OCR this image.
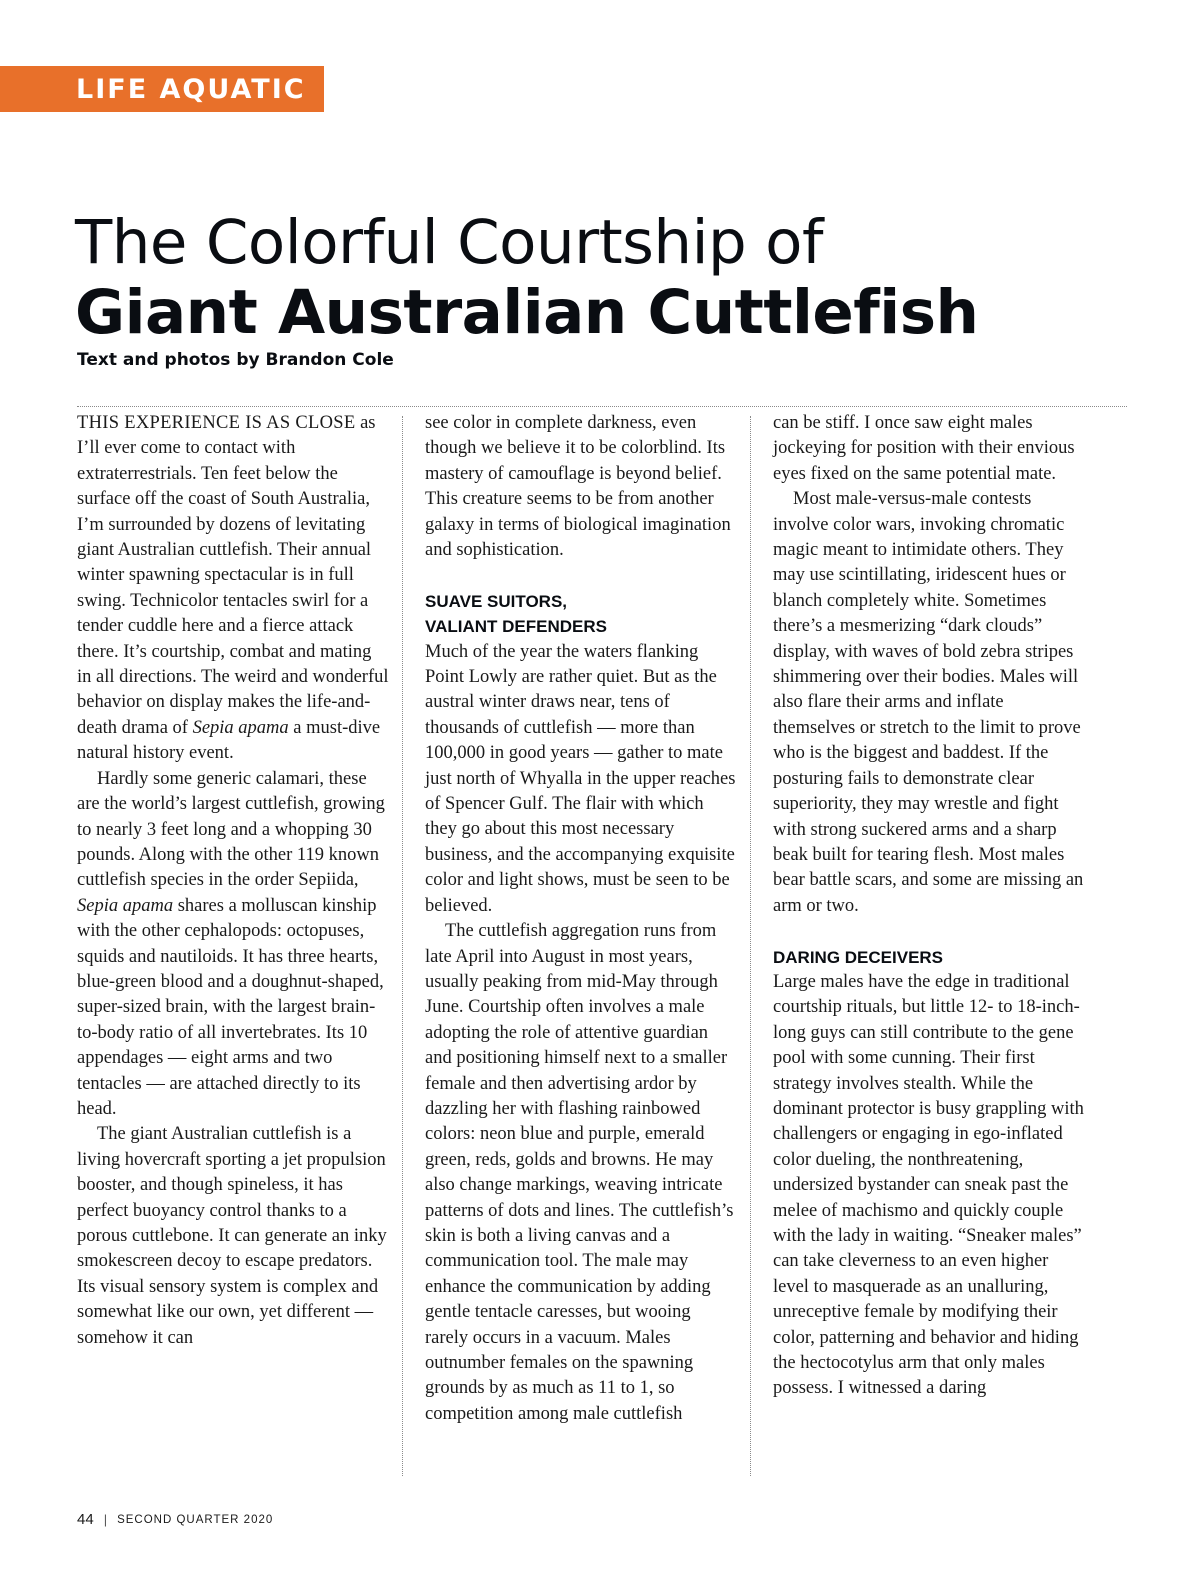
LIFE AQUATIC
The Colorful Courtship of
Giant Australian Cuttlefish
Text and photos by Brandon Cole

THIS EXPERIENCE IS AS CLOSE as I’ll ever come to contact with extraterrestrials. Ten feet below the surface off the coast of South Australia, I’m surrounded by dozens of levitating giant Australian cuttlefish. Their annual winter spawning spectacular is in full swing. Technicolor tentacles swirl for a tender cuddle here and a fierce attack there. It’s courtship, combat and mating in all directions. The weird and wonderful behavior on display makes the life-and-death drama of Sepia apama a must-dive natural history event.

Hardly some generic calamari, these are the world’s largest cuttlefish, growing to nearly 3 feet long and a whopping 30 pounds. Along with the other 119 known cuttlefish species in the order Sepiida, Sepia apama shares a molluscan kinship with the other cephalopods: octopuses, squids and nautiloids. It has three hearts, blue-green blood and a doughnut-shaped, super-sized brain, with the largest brain-to-body ratio of all invertebrates. Its 10 appendages — eight arms and two tentacles — are attached directly to its head.

The giant Australian cuttlefish is a living hovercraft sporting a jet propulsion booster, and though spineless, it has perfect buoyancy control thanks to a porous cuttlebone. It can generate an inky smokescreen decoy to escape predators. Its visual sensory system is complex and somewhat like our own, yet different — somehow it can

see color in complete darkness, even though we believe it to be colorblind. Its mastery of camouflage is beyond belief. This creature seems to be from another galaxy in terms of biological imagination and sophistication.

SUAVE SUITORS,
VALIANT DEFENDERS

Much of the year the waters flanking Point Lowly are rather quiet. But as the austral winter draws near, tens of thousands of cuttlefish — more than 100,000 in good years — gather to mate just north of Whyalla in the upper reaches of Spencer Gulf. The flair with which they go about this most necessary business, and the accompanying exquisite color and light shows, must be seen to be believed.

The cuttlefish aggregation runs from late April into August in most years, usually peaking from mid-May through June. Courtship often involves a male adopting the role of attentive guardian and positioning himself next to a smaller female and then advertising ardor by dazzling her with flashing rainbowed colors: neon blue and purple, emerald green, reds, golds and browns. He may also change markings, weaving intricate patterns of dots and lines. The cuttlefish’s skin is both a living canvas and a communication tool. The male may enhance the communication by adding gentle tentacle caresses, but wooing rarely occurs in a vacuum. Males outnumber females on the spawning grounds by as much as 11 to 1, so competition among male cuttlefish

can be stiff. I once saw eight males jockeying for position with their envious eyes fixed on the same potential mate.

Most male-versus-male contests involve color wars, invoking chromatic magic meant to intimidate others. They may use scintillating, iridescent hues or blanch completely white. Sometimes there’s a mesmerizing “dark clouds” display, with waves of bold zebra stripes shimmering over their bodies. Males will also flare their arms and inflate themselves or stretch to the limit to prove who is the biggest and baddest. If the posturing fails to demonstrate clear superiority, they may wrestle and fight with strong suckered arms and a sharp beak built for tearing flesh. Most males bear battle scars, and some are missing an arm or two.

DARING DECEIVERS

Large males have the edge in traditional courtship rituals, but little 12- to 18-inch-long guys can still contribute to the gene pool with some cunning. Their first strategy involves stealth. While the dominant protector is busy grappling with challengers or engaging in ego-inflated color dueling, the nonthreatening, undersized bystander can sneak past the melee of machismo and quickly couple with the lady in waiting. “Sneaker males” can take cleverness to an even higher level to masquerade as an unalluring, unreceptive female by modifying their color, patterning and behavior and hiding the hectocotylus arm that only males possess. I witnessed a daring

44 | SECOND QUARTER 2020
